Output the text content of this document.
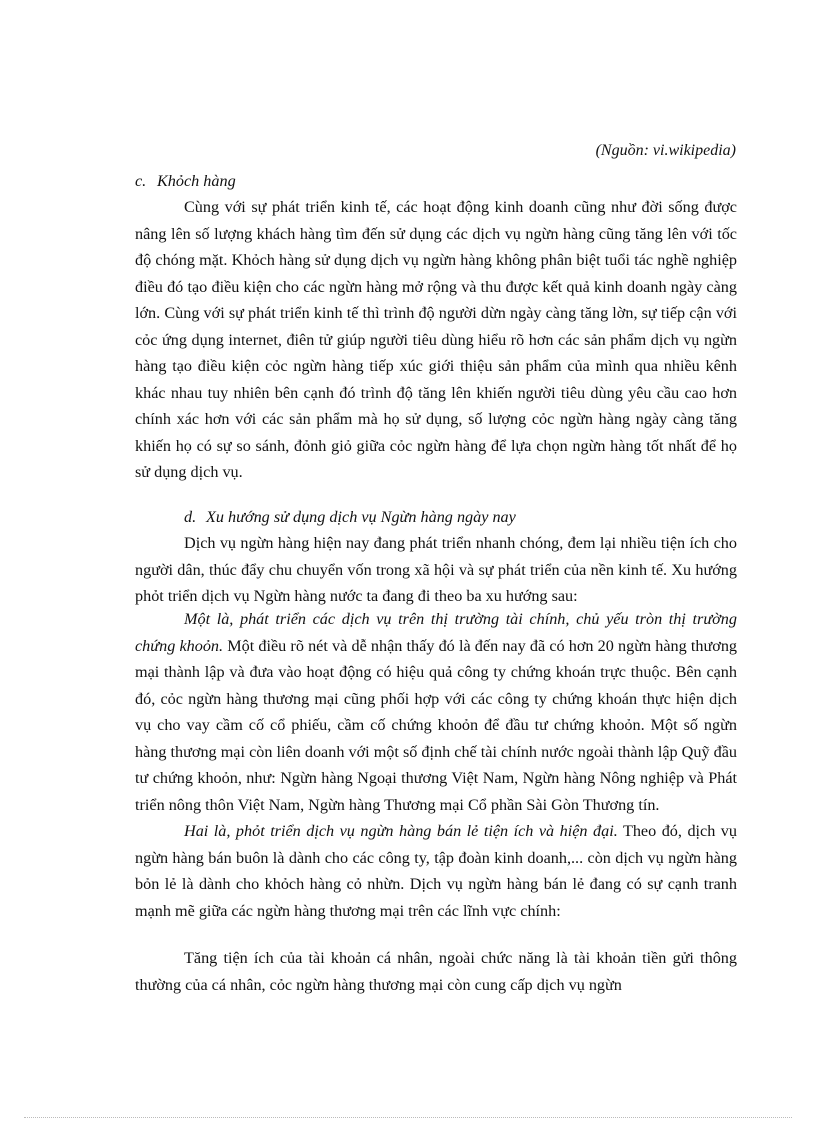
(Nguồn: vi.wikipedia)
c. Khỏch hàng

Cùng với sự phát triển kinh tế, các hoạt động kinh doanh cũng như đời sống được nâng lên số lượng khách hàng tìm đến sử dụng các dịch vụ ngừn hàng cũng tăng lên với tốc độ chóng mặt. Khỏch hàng sử dụng dịch vụ ngừn hàng không phân biệt tuổi tác nghề nghiệp điều đó tạo điều kiện cho các ngừn hàng mở rộng và thu được kết quả kinh doanh ngày càng lớn. Cùng với sự phát triển kinh tế thì trình độ người dừn ngày càng tăng lờn, sự tiếp cận với cỏc ứng dụng internet, điên tử giúp người tiêu dùng hiểu rõ hơn các sản phẩm dịch vụ ngừn hàng tạo điều kiện cỏc ngừn hàng tiếp xúc giới thiệu sản phẩm của mình qua nhiều kênh khác nhau tuy nhiên bên cạnh đó trình độ tăng lên khiến người tiêu dùng yêu cầu cao hơn chính xác hơn với các sản phẩm mà họ sử dụng, số lượng cỏc ngừn hàng ngày càng tăng khiến họ có sự so sánh, đỏnh giỏ giữa cỏc ngừn hàng để lựa chọn ngừn hàng tốt nhất để họ sử dụng dịch vụ.

d. Xu hướng sử dụng dịch vụ Ngừn hàng ngày nay

Dịch vụ ngừn hàng hiện nay đang phát triển nhanh chóng, đem lại nhiều tiện ích cho người dân, thúc đẩy chu chuyển vốn trong xã hội và sự phát triển của nền kinh tế. Xu hướng phỏt triển dịch vụ Ngừn hàng nước ta đang đi theo ba xu hướng sau:

Một là, phát triển các dịch vụ trên thị trường tài chính, chủ yếu tròn thị trường chứng khoỏn. Một điều rõ nét và dễ nhận thấy đó là đến nay đã có hơn 20 ngừn hàng thương mại thành lập và đưa vào hoạt động có hiệu quả công ty chứng khoán trực thuộc. Bên cạnh đó, cỏc ngừn hàng thương mại cũng phối hợp với các công ty chứng khoán thực hiện dịch vụ cho vay cầm cố cổ phiếu, cầm cố chứng khoỏn để đầu tư chứng khoỏn. Một số ngừn hàng thương mại còn liên doanh với một số định chế tài chính nước ngoài thành lập Quỹ đầu tư chứng khoỏn, như: Ngừn hàng Ngoại thương Việt Nam, Ngừn hàng Nông nghiệp và Phát triển nông thôn Việt Nam, Ngừn hàng Thương mại Cổ phần Sài Gòn Thương tín.

Hai là, phỏt triển dịch vụ ngừn hàng bán lẻ tiện ích và hiện đại. Theo đó, dịch vụ ngừn hàng bán buôn là dành cho các công ty, tập đoàn kinh doanh,... còn dịch vụ ngừn hàng bỏn lẻ là dành cho khỏch hàng cỏ nhừn. Dịch vụ ngừn hàng bán lẻ đang có sự cạnh tranh mạnh mẽ giữa các ngừn hàng thương mại trên các lĩnh vực chính:

Tăng tiện ích của tài khoản cá nhân, ngoài chức năng là tài khoản tiền gửi thông thường của cá nhân, cỏc ngừn hàng thương mại còn cung cấp dịch vụ ngừn
